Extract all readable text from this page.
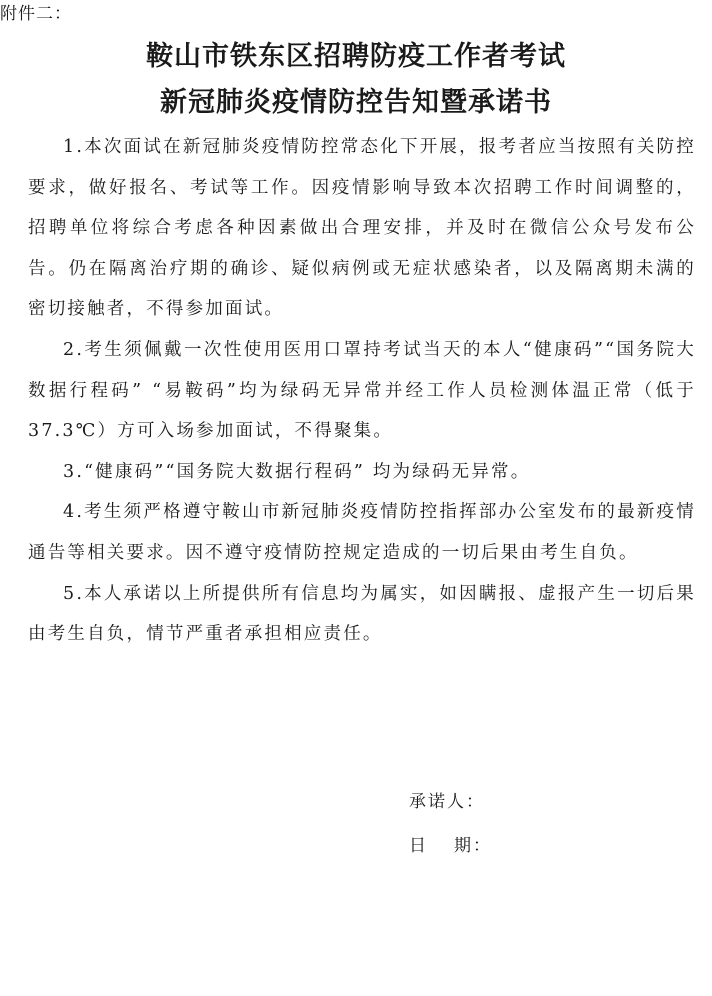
附件二：
鞍山市铁东区招聘防疫工作者考试
新冠肺炎疫情防控告知暨承诺书

1.本次面试在新冠肺炎疫情防控常态化下开展，报考者应当按照有关防控要求，做好报名、考试等工作。因疫情影响导致本次招聘工作时间调整的，招聘单位将综合考虑各种因素做出合理安排，并及时在微信公众号发布公告。仍在隔离治疗期的确诊、疑似病例或无症状感染者，以及隔离期未满的密切接触者，不得参加面试。

2.考生须佩戴一次性使用医用口罩持考试当天的本人“健康码”“国务院大数据行程码” “易鞍码”均为绿码无异常并经工作人员检测体温正常（低于 37.3℃）方可入场参加面试，不得聚集。

3.“健康码”“国务院大数据行程码” 均为绿码无异常。

4.考生须严格遵守鞍山市新冠肺炎疫情防控指挥部办公室发布的最新疫情通告等相关要求。因不遵守疫情防控规定造成的一切后果由考生自负。

5.本人承诺以上所提供所有信息均为属实，如因瞒报、虚报产生一切后果由考生自负，情节严重者承担相应责任。

承诺人：
日 期：
